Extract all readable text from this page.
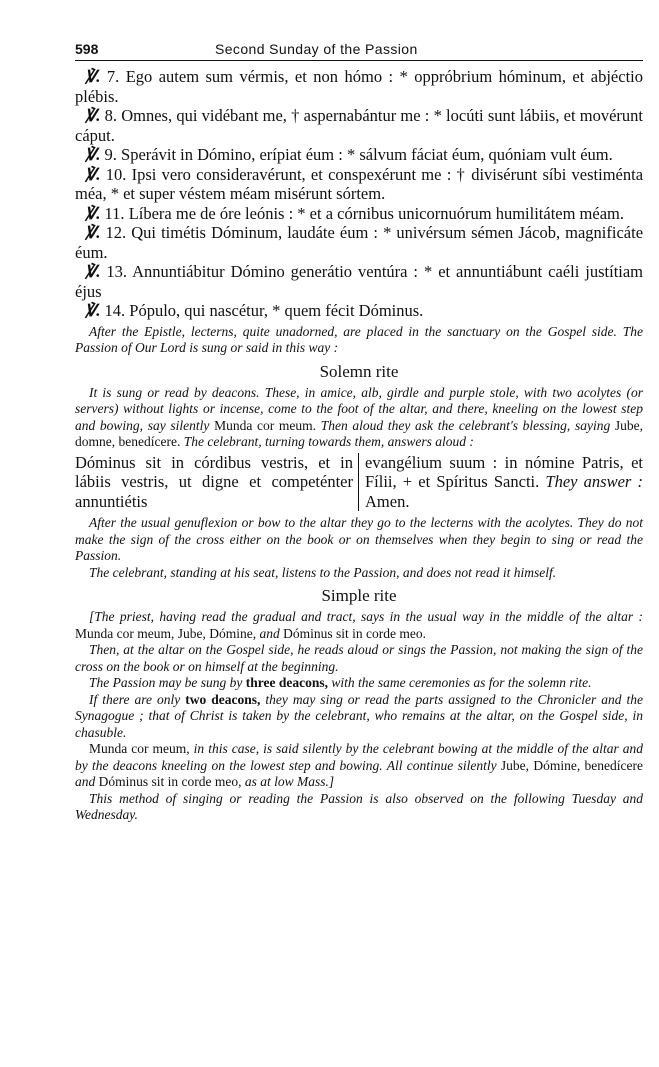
598	Second Sunday of the Passion

℣. 7. Ego autem sum vérmis, et non hómo : * oppróbrium hóminum, et abjéctio plébis.

℣. 8. Omnes, qui vidébant me, † aspernabántur me : * locúti sunt lábiis, et movérunt cáput.

℣. 9. Sperávit in Dómino, erípiat éum : * sálvum fáciat éum, quóniam vult éum.

℣. 10. Ipsi vero consideravérunt, et conspexérunt me : † divisérunt síbi vestiménta méa, * et super véstem méam misérunt sórtem.

℣. 11. Líbera me de óre leónis : * et a córnibus unicornuórum humilitátem méam.

℣. 12. Qui timétis Dóminum, laudáte éum : * univérsum sémen Jácob, magnificáte éum.

℣. 13. Annuntiábitur Dómino generátio ventúra : * et annuntiábunt caéli justítiam éjus

℣. 14. Pópulo, qui nascétur, * quem fécit Dóminus.

After the Epistle, lecterns, quite unadorned, are placed in the sanctuary on the Gospel side. The Passion of Our Lord is sung or said in this way :

Solemn rite

It is sung or read by deacons. These, in amice, alb, girdle and purple stole, with two acolytes (or servers) without lights or incense, come to the foot of the altar, and there, kneeling on the lowest step and bowing, say silently Munda cor meum. Then aloud they ask the celebrant's blessing, saying Jube, domne, benedícere. The celebrant, turning towards them, answers aloud :

Dóminus sit in córdibus vestris, et in lábiis vestris, ut digne et competénter annuntiétis
evangélium suum : in nómine Patris, et Fílii, + et Spíritus Sancti. They answer : Amen.

After the usual genuflexion or bow to the altar they go to the lecterns with the acolytes. They do not make the sign of the cross either on the book or on themselves when they begin to sing or read the Passion.

The celebrant, standing at his seat, listens to the Passion, and does not read it himself.

Simple rite

[The priest, having read the gradual and tract, says in the usual way in the middle of the altar : Munda cor meum, Jube, Dómine, and Dóminus sit in corde meo.

Then, at the altar on the Gospel side, he reads aloud or sings the Passion, not making the sign of the cross on the book or on himself at the beginning.

The Passion may be sung by three deacons, with the same ceremonies as for the solemn rite.

If there are only two deacons, they may sing or read the parts assigned to the Chronicler and the Synagogue ; that of Christ is taken by the celebrant, who remains at the altar, on the Gospel side, in chasuble.

Munda cor meum, in this case, is said silently by the celebrant bowing at the middle of the altar and by the deacons kneeling on the lowest step and bowing. All continue silently Jube, Dómine, benedícere and Dóminus sit in corde meo, as at low Mass.]

This method of singing or reading the Passion is also observed on the following Tuesday and Wednesday.
